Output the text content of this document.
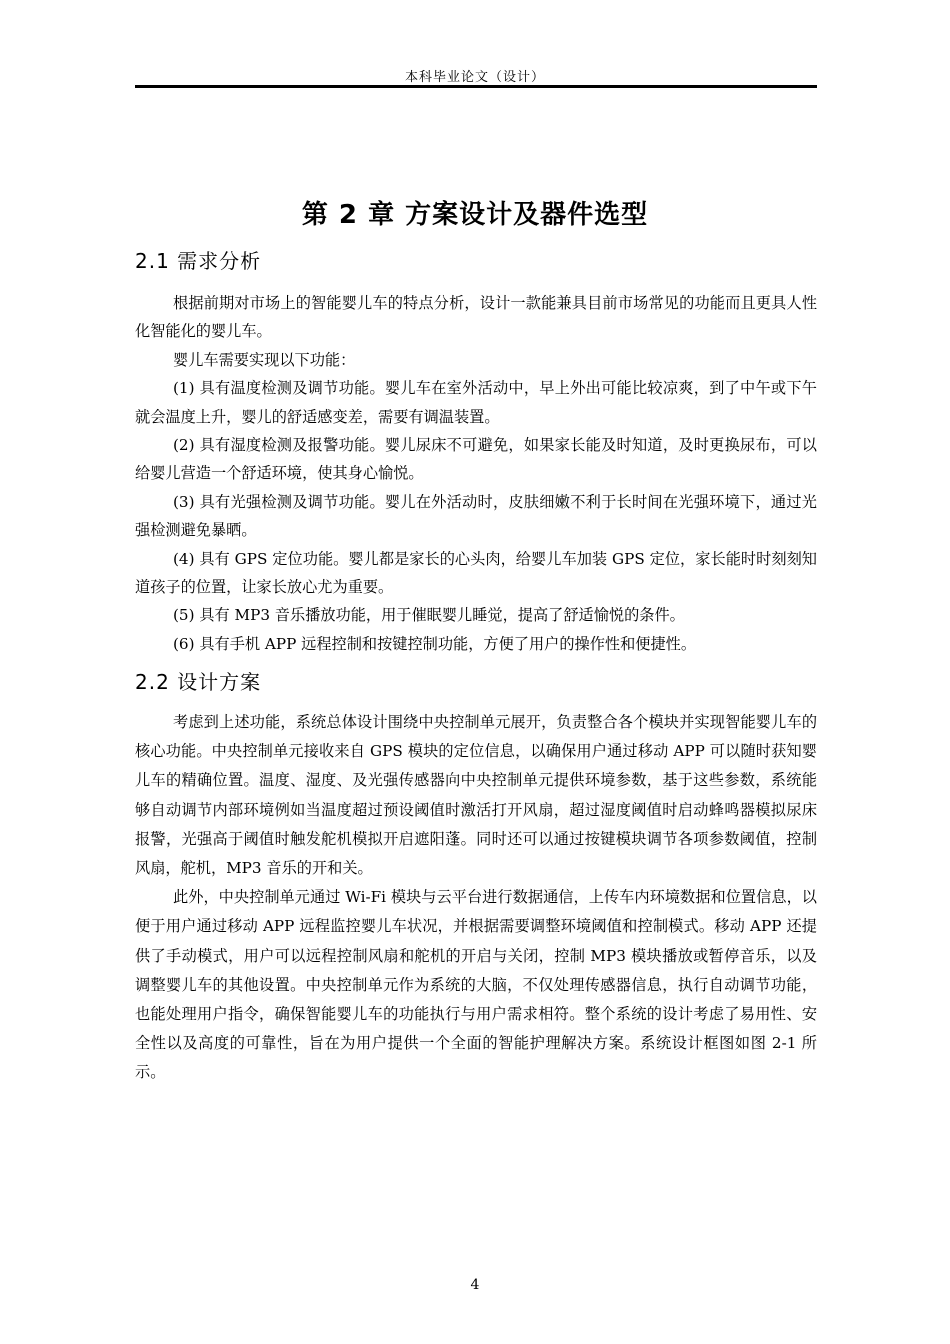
本科毕业论文（设计）
第 2 章 方案设计及器件选型
2.1 需求分析

根据前期对市场上的智能婴儿车的特点分析，设计一款能兼具目前市场常见的功能而且更具人性化智能化的婴儿车。

婴儿车需要实现以下功能：

(1) 具有温度检测及调节功能。婴儿车在室外活动中，早上外出可能比较凉爽，到了中午或下午就会温度上升，婴儿的舒适感变差，需要有调温装置。

(2) 具有湿度检测及报警功能。婴儿尿床不可避免，如果家长能及时知道，及时更换尿布，可以给婴儿营造一个舒适环境，使其身心愉悦。

(3) 具有光强检测及调节功能。婴儿在外活动时，皮肤细嫩不利于长时间在光强环境下，通过光强检测避免暴晒。

(4) 具有 GPS 定位功能。婴儿都是家长的心头肉，给婴儿车加装 GPS 定位，家长能时时刻刻知道孩子的位置，让家长放心尤为重要。

(5) 具有 MP3 音乐播放功能，用于催眠婴儿睡觉，提高了舒适愉悦的条件。

(6) 具有手机 APP 远程控制和按键控制功能，方便了用户的操作性和便捷性。

2.2 设计方案

考虑到上述功能，系统总体设计围绕中央控制单元展开，负责整合各个模块并实现智能婴儿车的核心功能。中央控制单元接收来自 GPS 模块的定位信息，以确保用户通过移动 APP 可以随时获知婴儿车的精确位置。温度、湿度、及光强传感器向中央控制单元提供环境参数，基于这些参数，系统能够自动调节内部环境例如当温度超过预设阈值时激活打开风扇，超过湿度阈值时启动蜂鸣器模拟尿床报警，光强高于阈值时触发舵机模拟开启遮阳蓬。同时还可以通过按键模块调节各项参数阈值，控制风扇，舵机，MP3 音乐的开和关。

此外，中央控制单元通过 Wi-Fi 模块与云平台进行数据通信，上传车内环境数据和位置信息，以便于用户通过移动 APP 远程监控婴儿车状况，并根据需要调整环境阈值和控制模式。移动 APP 还提供了手动模式，用户可以远程控制风扇和舵机的开启与关闭，控制 MP3 模块播放或暂停音乐，以及调整婴儿车的其他设置。中央控制单元作为系统的大脑，不仅处理传感器信息，执行自动调节功能，也能处理用户指令，确保智能婴儿车的功能执行与用户需求相符。整个系统的设计考虑了易用性、安全性以及高度的可靠性，旨在为用户提供一个全面的智能护理解决方案。系统设计框图如图 2-1 所示。

4
